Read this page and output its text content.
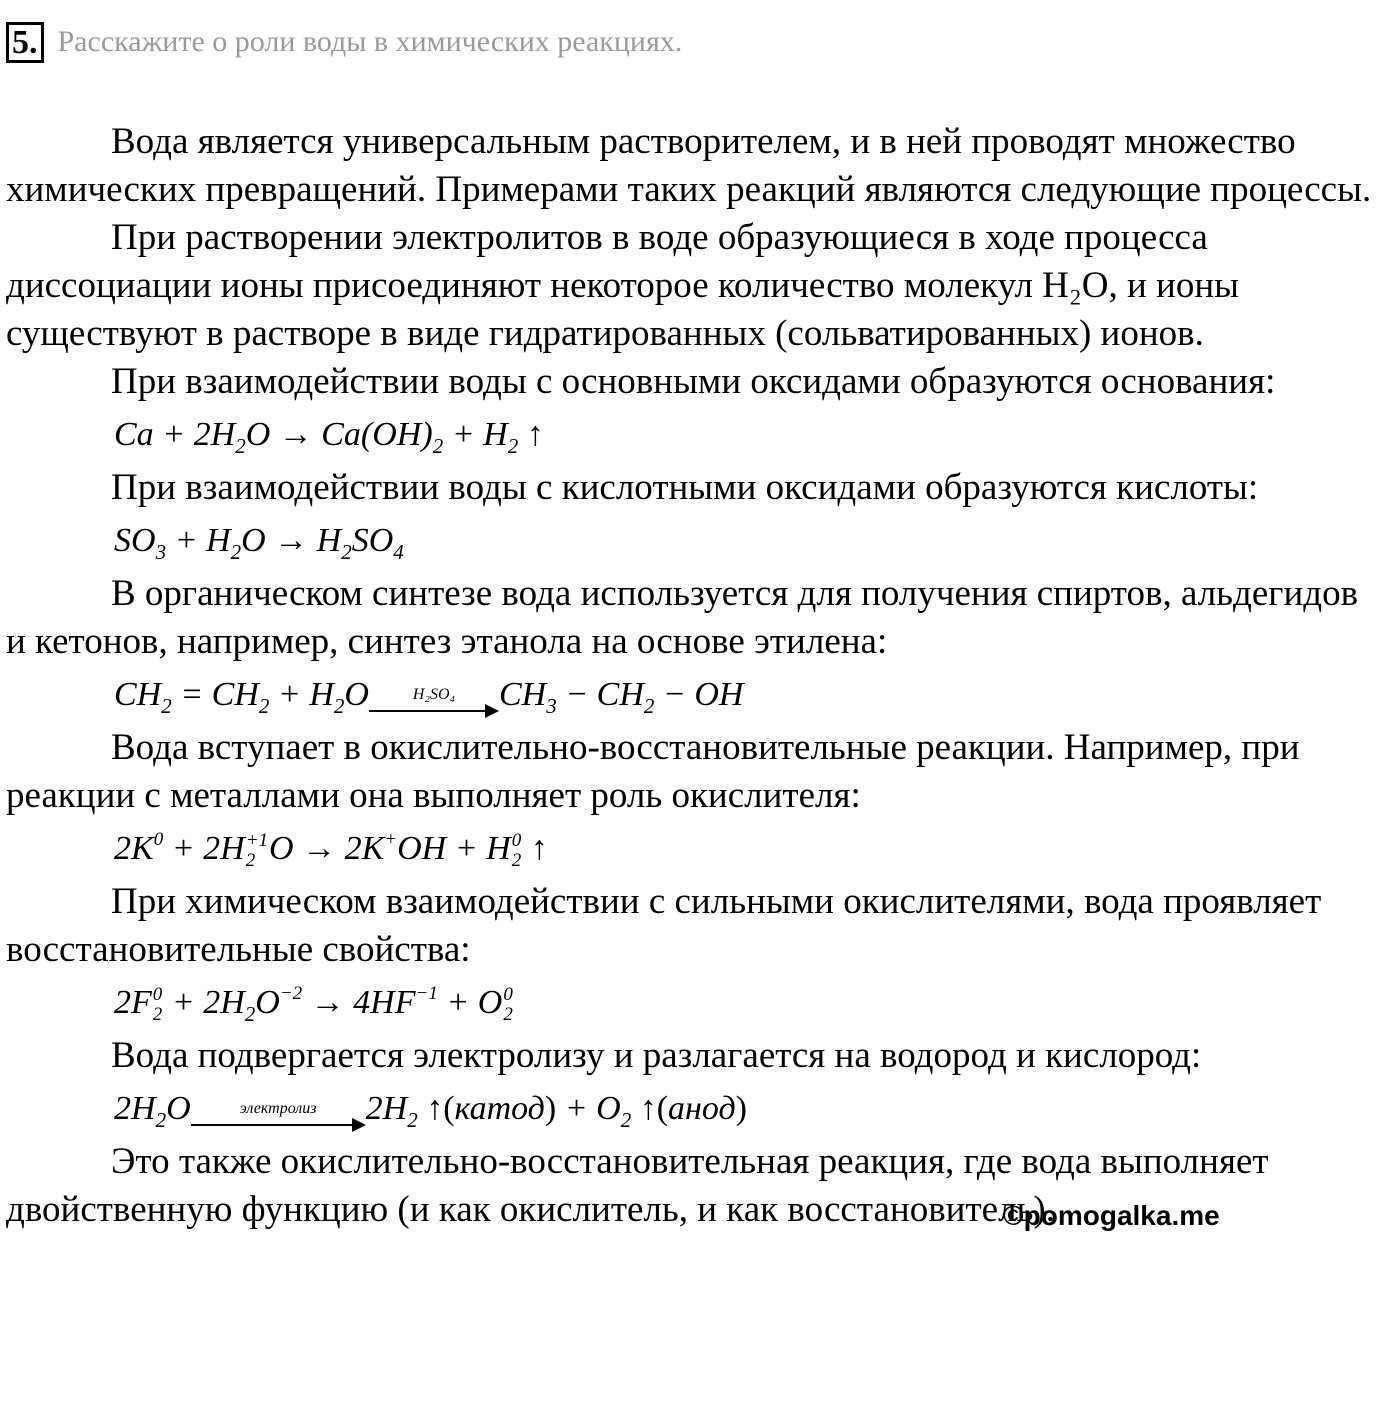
5. Расскажите о роли воды в химических реакциях.

Вода является универсальным растворителем, и в ней проводят множество химических превращений. Примерами таких реакций являются следующие процессы.

При растворении электролитов в воде образующиеся в ходе процесса диссоциации ионы присоединяют некоторое количество молекул H₂O, и ионы существуют в растворе в виде гидратированных (сольватированных) ионов.

При взаимодействии воды с основными оксидами образуются основания:

$Ca + 2H_2O \to Ca(OH)_2 + H_2$ ↑

При взаимодействии воды с кислотными оксидами образуются кислоты:

$SO_3 + H_2O \to H_2SO_4$

В органическом синтезе вода используется для получения спиртов, альдегидов и кетонов, например, синтез этанола на основе этилена:

$CH_2 = CH_2 + H_2O$	H₂SO₄ $CH_3 - CH_2$ − OH

Вода вступает в окислительно-восстановительные реакции. Например, при реакции с металлами она выполняет роль окислителя:

$2K^0 + 2H +1$
2 O → 2K+OH + H 0
2 ↑

При химическом взаимодействии с сильными окислителями, вода проявляет восстановительные свойства:

2F 0
$2 + 2H_2O^{-2} \to 4HF^{-1} + O$ 0
2

Вода подвергается электролизу и разлагается на водород и кислород:

$2H_2O$	электролиз $2H_2$ ↑(катод) + $O_2$ ↑(анод)

Это также окислительно-восстановительная реакция, где вода выполняет двойственную функцию (и как окислитель, и как восстановитель).

©pomogalka.me
